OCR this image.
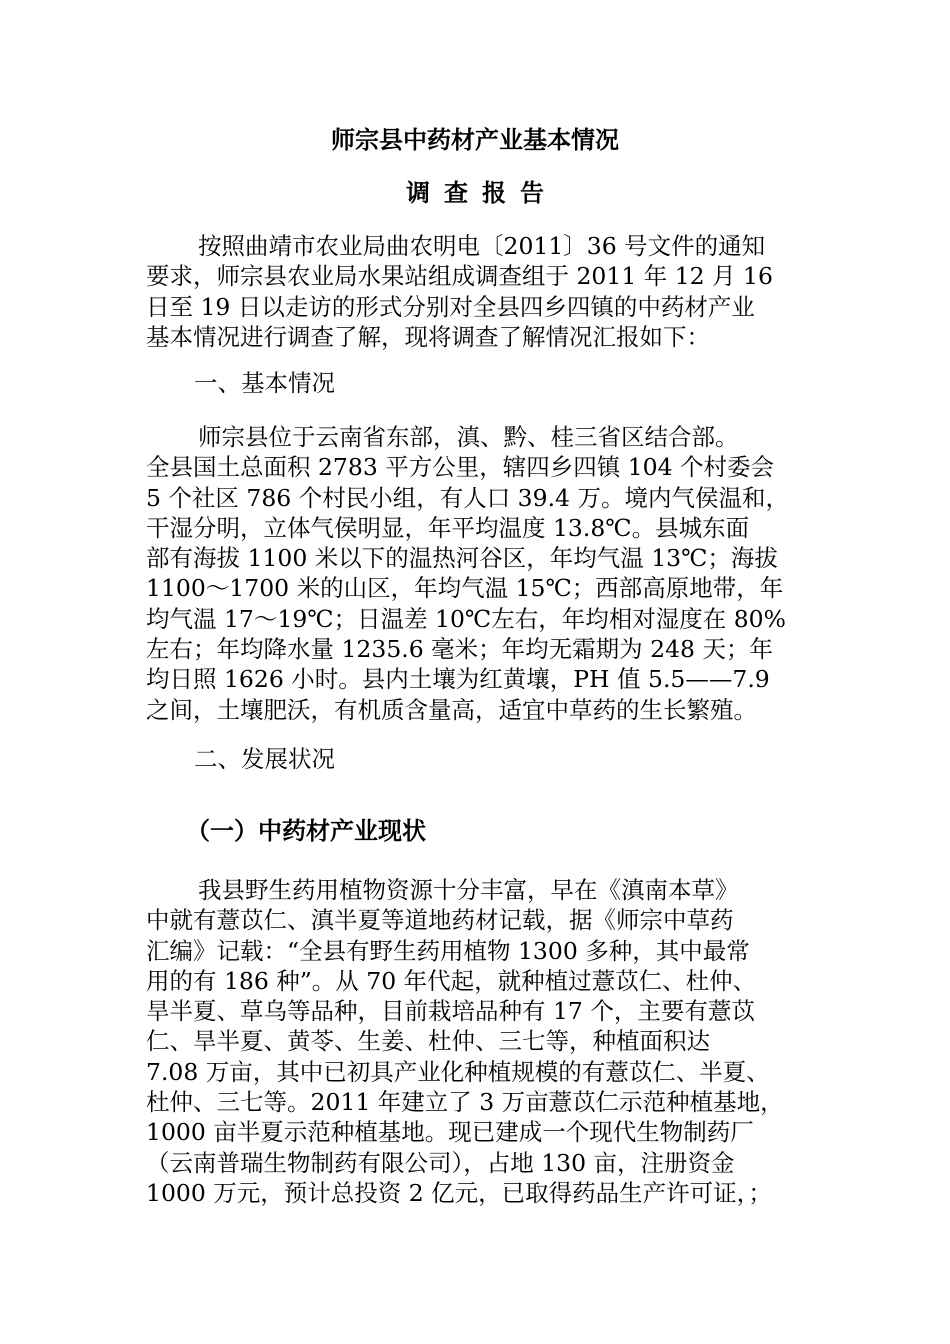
师宗县中药材产业基本情况
调查报告
按照曲靖市农业局曲农明电〔2011〕36 号文件的通知
要求，师宗县农业局水果站组成调查组于 2011 年 12 月 16
日至 19 日以走访的形式分别对全县四乡四镇的中药材产业
基本情况进行调查了解，现将调查了解情况汇报如下：
一、基本情况
师宗县位于云南省东部，滇、黔、桂三省区结合部。
全县国土总面积 2783 平方公里，辖四乡四镇 104 个村委会
5 个社区 786 个村民小组，有人口 39.4 万。境内气侯温和，
干湿分明，立体气侯明显，年平均温度 13.8℃。县城东面
部有海拔 1100 米以下的温热河谷区，年均气温 13℃；海拔
1100～1700 米的山区，年均气温 15℃；西部高原地带，年
均气温 17～19℃；日温差 10℃左右，年均相对湿度在 80%
左右；年均降水量 1235.6 毫米；年均无霜期为 248 天；年
均日照 1626 小时。县内土壤为红黄壤，PH 值 5.5——7.9
之间，土壤肥沃，有机质含量高，适宜中草药的生长繁殖。
二、发展状况
（一）中药材产业现状
我县野生药用植物资源十分丰富，早在《滇南本草》
中就有薏苡仁、滇半夏等道地药材记载，据《师宗中草药
汇编》记载：“全县有野生药用植物 1300 多种，其中最常
用的有 186 种”。从 70 年代起，就种植过薏苡仁、杜仲、
旱半夏、草乌等品种，目前栽培品种有 17 个，主要有薏苡
仁、旱半夏、黄苓、生姜、杜仲、三七等，种植面积达
7.08 万亩，其中已初具产业化种植规模的有薏苡仁、半夏、
杜仲、三七等。2011 年建立了 3 万亩薏苡仁示范种植基地，
1000 亩半夏示范种植基地。现已建成一个现代生物制药厂
（云南普瑞生物制药有限公司），占地 130 亩，注册资金
1000 万元，预计总投资 2 亿元，已取得药品生产许可证，；
